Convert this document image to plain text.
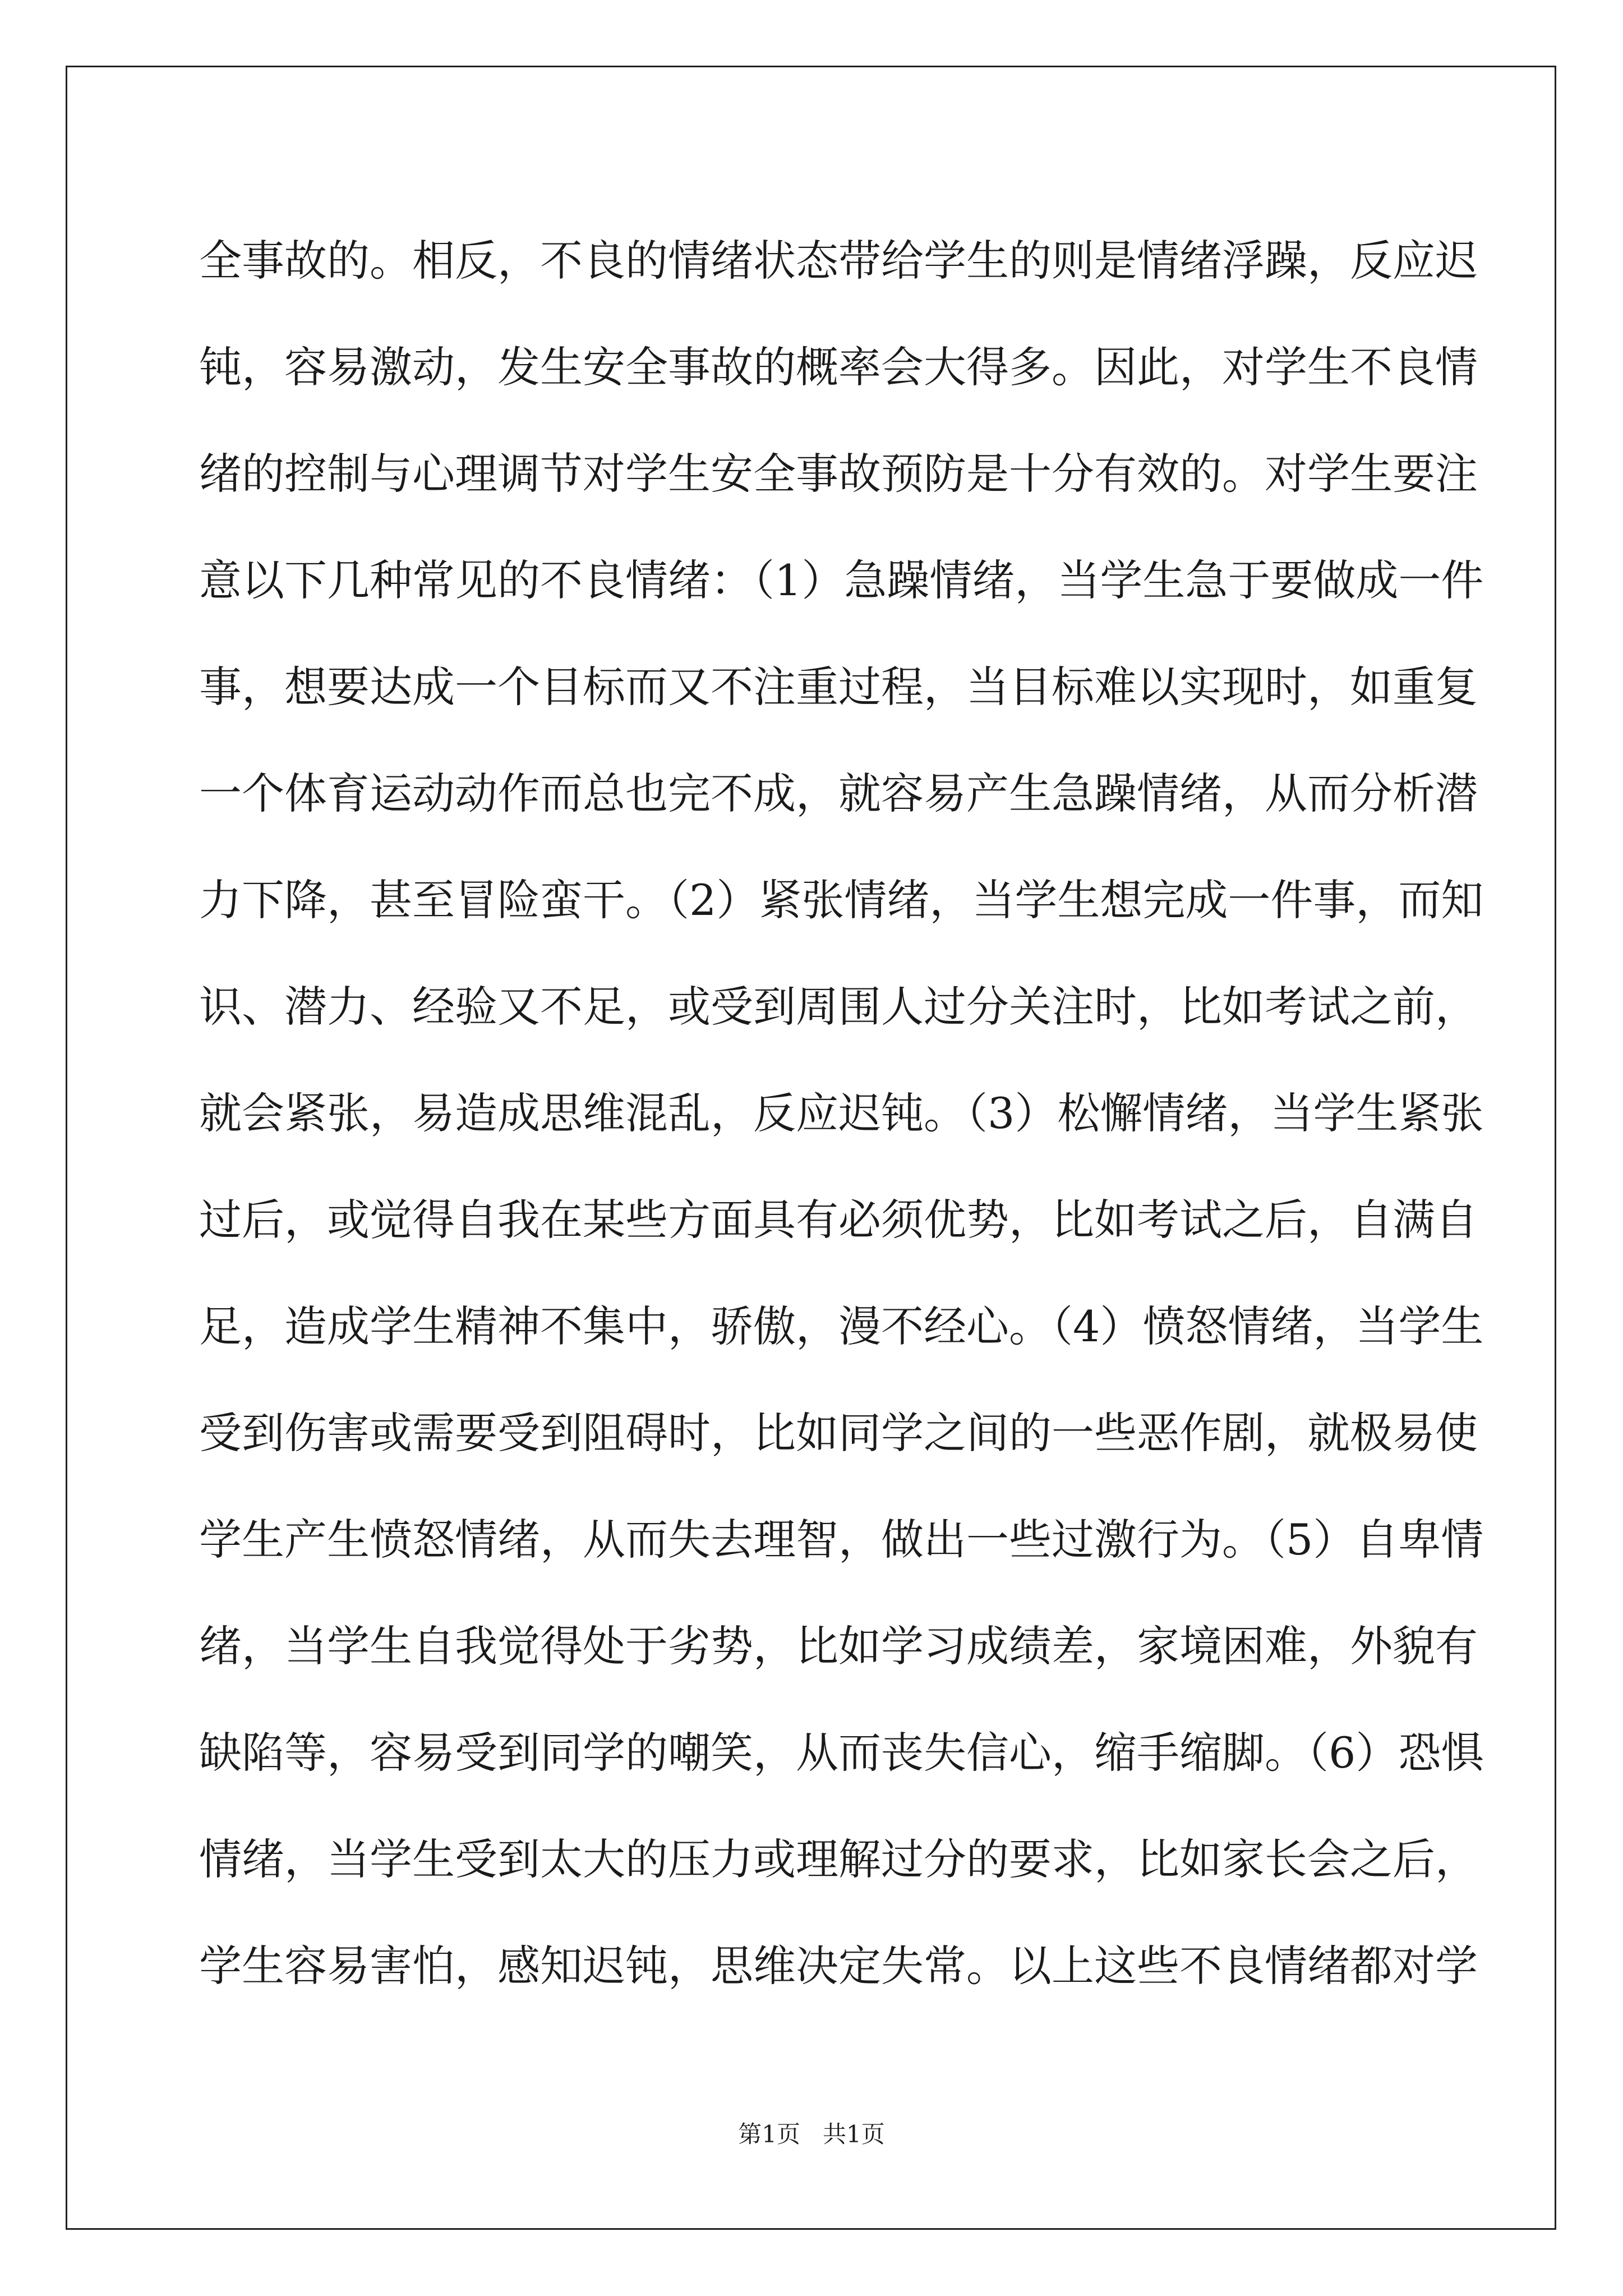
全事故的。相反，不良的情绪状态带给学生的则是情绪浮躁，反应迟
钝，容易激动，发生安全事故的概率会大得多。因此，对学生不良情
绪的控制与心理调节对学生安全事故预防是十分有效的。对学生要注
意以下几种常见的不良情绪：（1）急躁情绪，当学生急于要做成一件
事，想要达成一个目标而又不注重过程，当目标难以实现时，如重复
一个体育运动动作而总也完不成，就容易产生急躁情绪，从而分析潜
力下降，甚至冒险蛮干。（2）紧张情绪，当学生想完成一件事，而知
识、潜力、经验又不足，或受到周围人过分关注时，比如考试之前，
就会紧张，易造成思维混乱，反应迟钝。（3）松懈情绪，当学生紧张
过后，或觉得自我在某些方面具有必须优势，比如考试之后，自满自
足，造成学生精神不集中，骄傲，漫不经心。（4）愤怒情绪，当学生
受到伤害或需要受到阻碍时，比如同学之间的一些恶作剧，就极易使
学生产生愤怒情绪，从而失去理智，做出一些过激行为。（5）自卑情
绪，当学生自我觉得处于劣势，比如学习成绩差，家境困难，外貌有
缺陷等，容易受到同学的嘲笑，从而丧失信心，缩手缩脚。（6）恐惧
情绪，当学生受到太大的压力或理解过分的要求，比如家长会之后，
学生容易害怕，感知迟钝，思维决定失常。以上这些不良情绪都对学
第1页   共1页
